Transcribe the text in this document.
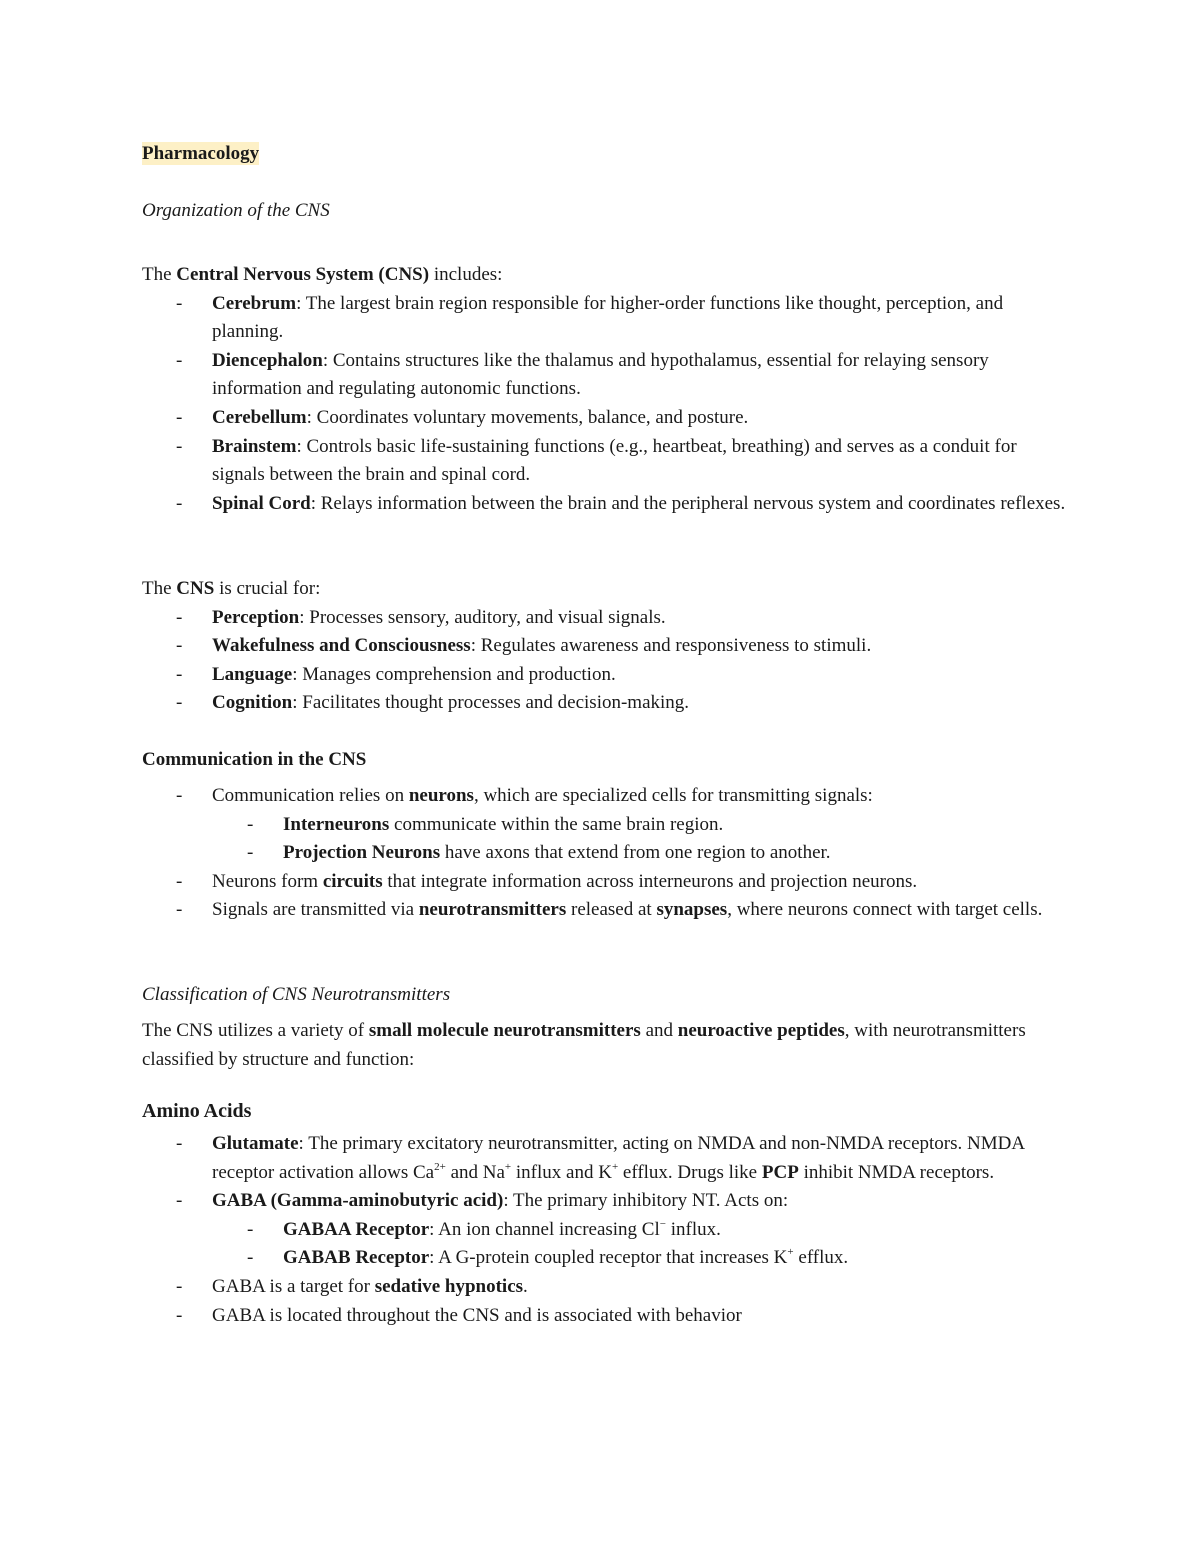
Pharmacology
Organization of the CNS

The Central Nervous System (CNS) includes:

- Cerebrum: The largest brain region responsible for higher-order functions like thought, perception, and planning.
- Diencephalon: Contains structures like the thalamus and hypothalamus, essential for relaying sensory information and regulating autonomic functions.
- Cerebellum: Coordinates voluntary movements, balance, and posture.
- Brainstem: Controls basic life-sustaining functions (e.g., heartbeat, breathing) and serves as a conduit for signals between the brain and spinal cord.
- Spinal Cord: Relays information between the brain and the peripheral nervous system and coordinates reflexes.

The CNS is crucial for:

- Perception: Processes sensory, auditory, and visual signals.
- Wakefulness and Consciousness: Regulates awareness and responsiveness to stimuli.
- Language: Manages comprehension and production.
- Cognition: Facilitates thought processes and decision-making.
Communication in the CNS
- Communication relies on neurons, which are specialized cells for transmitting signals:
- Interneurons communicate within the same brain region.
- Projection Neurons have axons that extend from one region to another.
- Neurons form circuits that integrate information across interneurons and projection neurons.
- Signals are transmitted via neurotransmitters released at synapses, where neurons connect with target cells.
Classification of CNS Neurotransmitters

The CNS utilizes a variety of small molecule neurotransmitters and neuroactive peptides, with neurotransmitters classified by structure and function:

Amino Acids
- Glutamate: The primary excitatory neurotransmitter, acting on NMDA and non-NMDA receptors. NMDA receptor activation allows $Ca^{2+}$ and Na+ influx and K+ efflux. Drugs like PCP inhibit NMDA receptors.
- GABA (Gamma-aminobutyric acid): The primary inhibitory NT. Acts on:
- GABAA Receptor: An ion channel increasing Cl− influx.
- GABAB Receptor: A G-protein coupled receptor that increases K+ efflux.
- GABA is a target for sedative hypnotics.
- GABA is located throughout the CNS and is associated with behavior
